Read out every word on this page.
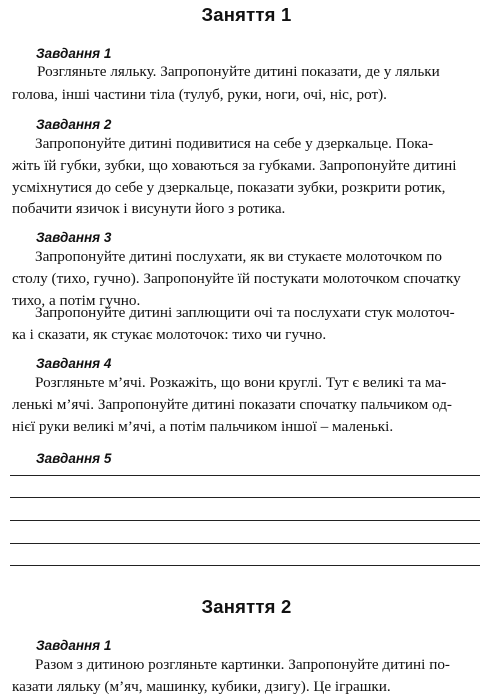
Заняття 1
Завдання 1
Розгляньте ляльку. Запропонуйте дитині показати, де у ляльки
голова, інші частини тіла (тулуб, руки, ноги, очі, ніс, рот).
Завдання 2
Запропонуйте дитині подивитися на себе у дзеркальце. Пока-
жіть їй губки, зубки, що ховаються за губками. Запропонуйте дитині
усміхнутися до себе у дзеркальце, показати зубки, розкрити ротик,
побачити язичок і висунути його з ротика.
Завдання 3
Запропонуйте дитині послухати, як ви стукаєте молоточком по
столу (тихо, гучно). Запропонуйте їй постукати молоточком спочатку
тихо, а потім гучно.
Запропонуйте дитині заплющити очі та послухати стук молоточ-
ка і сказати, як стукає молоточок: тихо чи гучно.
Завдання 4
Розгляньте м’ячі. Розкажіть, що вони круглі. Тут є великі та ма-
ленькі м’ячі. Запропонуйте дитині показати спочатку пальчиком од-
нієї руки великі м’ячі, а потім пальчиком іншої – маленькі.
Завдання 5
Заняття 2
Завдання 1
Разом з дитиною розгляньте картинки. Запропонуйте дитині по-
казати ляльку (м’яч, машинку, кубики, дзигу). Це іграшки.
